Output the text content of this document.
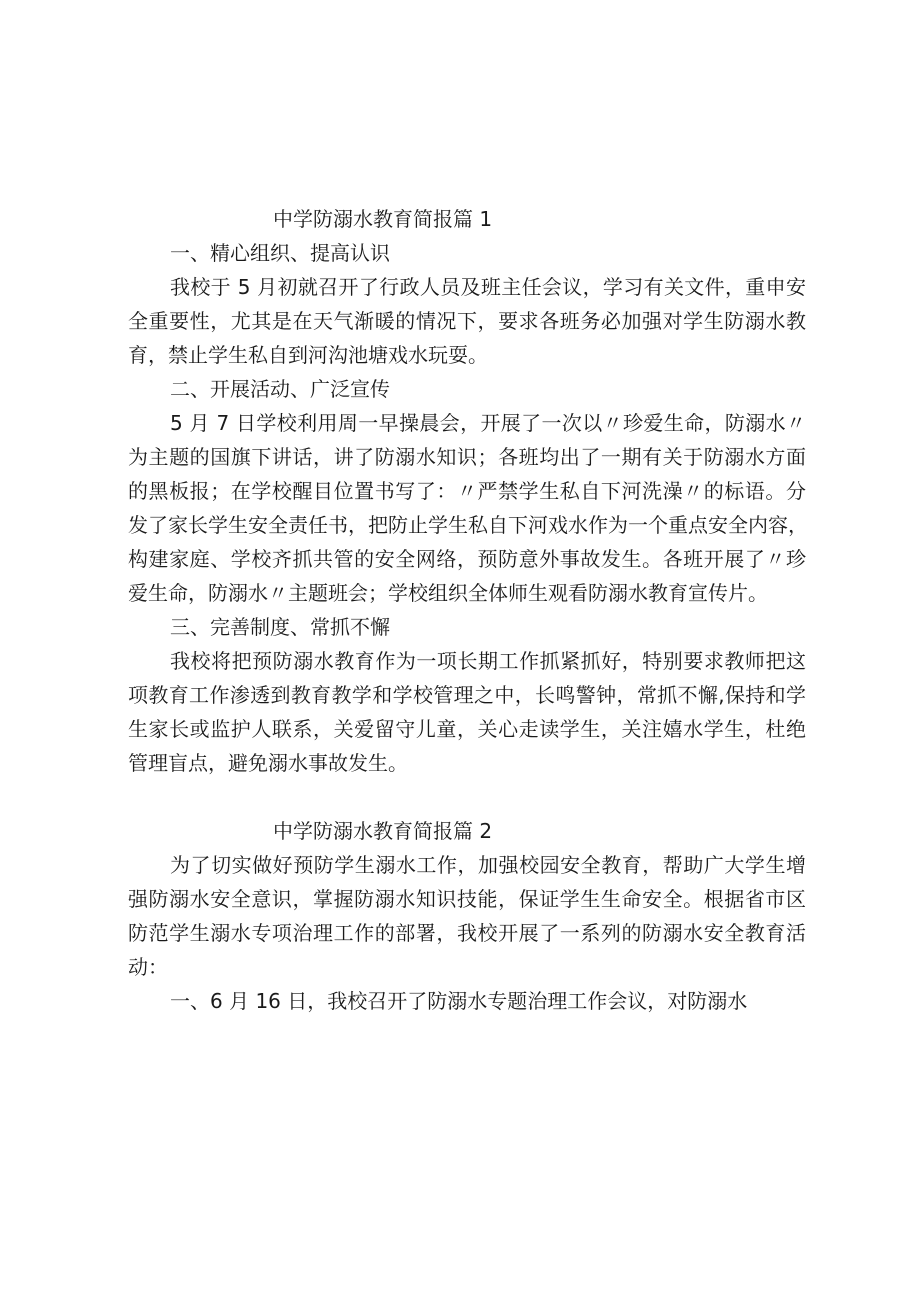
中学防溺水教育简报篇 1
一、精心组织、提高认识
我校于 5 月初就召开了行政人员及班主任会议，学习有关文件，重申安
全重要性，尤其是在天气渐暖的情况下，要求各班务必加强对学生防溺水教
育，禁止学生私自到河沟池塘戏水玩耍。
二、开展活动、广泛宣传
5 月 7 日学校利用周一早操晨会，开展了一次以〃珍爱生命，防溺水〃
为主题的国旗下讲话，讲了防溺水知识；各班均出了一期有关于防溺水方面
的黑板报；在学校醒目位置书写了：〃严禁学生私自下河洗澡〃的标语。分
发了家长学生安全责任书，把防止学生私自下河戏水作为一个重点安全内容，
构建家庭、学校齐抓共管的安全网络，预防意外事故发生。各班开展了〃珍
爱生命，防溺水〃主题班会；学校组织全体师生观看防溺水教育宣传片。
三、完善制度、常抓不懈
我校将把预防溺水教育作为一项长期工作抓紧抓好，特别要求教师把这
项教育工作渗透到教育教学和学校管理之中，长鸣警钟，常抓不懈,保持和学
生家长或监护人联系，关爱留守儿童，关心走读学生，关注嬉水学生，杜绝
管理盲点，避免溺水事故发生。
中学防溺水教育简报篇 2
为了切实做好预防学生溺水工作，加强校园安全教育，帮助广大学生增
强防溺水安全意识，掌握防溺水知识技能，保证学生生命安全。根据省市区
防范学生溺水专项治理工作的部署，我校开展了一系列的防溺水安全教育活
动：
一、6 月 16 日，我校召开了防溺水专题治理工作会议，对防溺水
